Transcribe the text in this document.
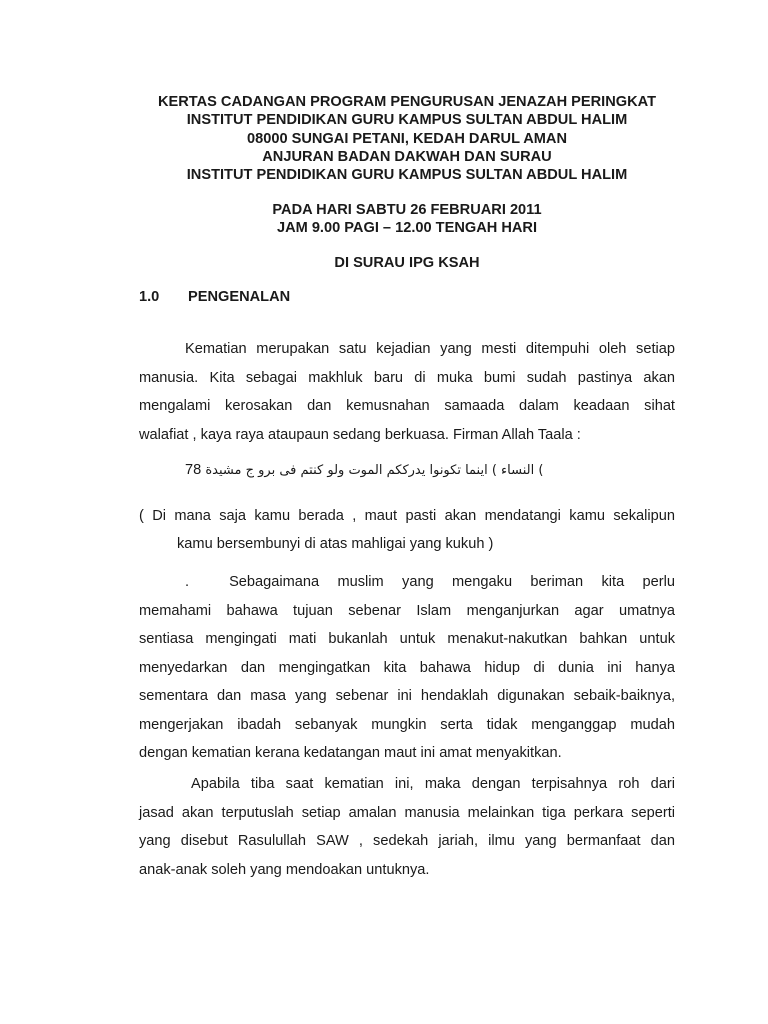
KERTAS CADANGAN PROGRAM PENGURUSAN JENAZAH PERINGKAT
INSTITUT PENDIDIKAN GURU KAMPUS SULTAN ABDUL HALIM
08000 SUNGAI PETANI, KEDAH DARUL AMAN
ANJURAN BADAN DAKWAH DAN SURAU
INSTITUT PENDIDIKAN GURU KAMPUS SULTAN ABDUL HALIM
PADA HARI SABTU 26 FEBRUARI 2011
JAM 9.00 PAGI – 12.00 TENGAH HARI
DI SURAU IPG KSAH
1.0 PENGENALAN
Kematian merupakan satu kejadian yang mesti ditempuhi oleh setiap
manusia. Kita sebagai makhluk baru di muka bumi sudah pastinya akan
mengalami kerosakan dan kemusnahan samaada dalam keadaan sihat
walafiat , kaya raya ataupaun sedang berkuasa. Firman Allah Taala :
78 النساء ) اينما تكونوا يدرككم الموت ولو كنتم فى برو ج مشيدة (
( Di mana saja kamu berada , maut pasti akan mendatangi kamu sekalipun
kamu bersembunyi di atas mahligai yang kukuh )
.	Sebagaimana muslim yang mengaku beriman kita perlu
memahami bahawa tujuan sebenar Islam menganjurkan agar umatnya
sentiasa mengingati mati bukanlah untuk menakut-nakutkan bahkan untuk
menyedarkan dan mengingatkan kita bahawa hidup di dunia ini hanya
sementara dan masa yang sebenar ini hendaklah digunakan sebaik-baiknya,
mengerjakan ibadah sebanyak mungkin serta tidak menganggap mudah
dengan kematian kerana kedatangan maut ini amat menyakitkan.
Apabila tiba saat kematian ini, maka dengan terpisahnya roh dari
jasad akan terputuslah setiap amalan manusia melainkan tiga perkara seperti
yang disebut Rasulullah SAW , sedekah jariah, ilmu yang bermanfaat dan
anak-anak soleh yang mendoakan untuknya.
